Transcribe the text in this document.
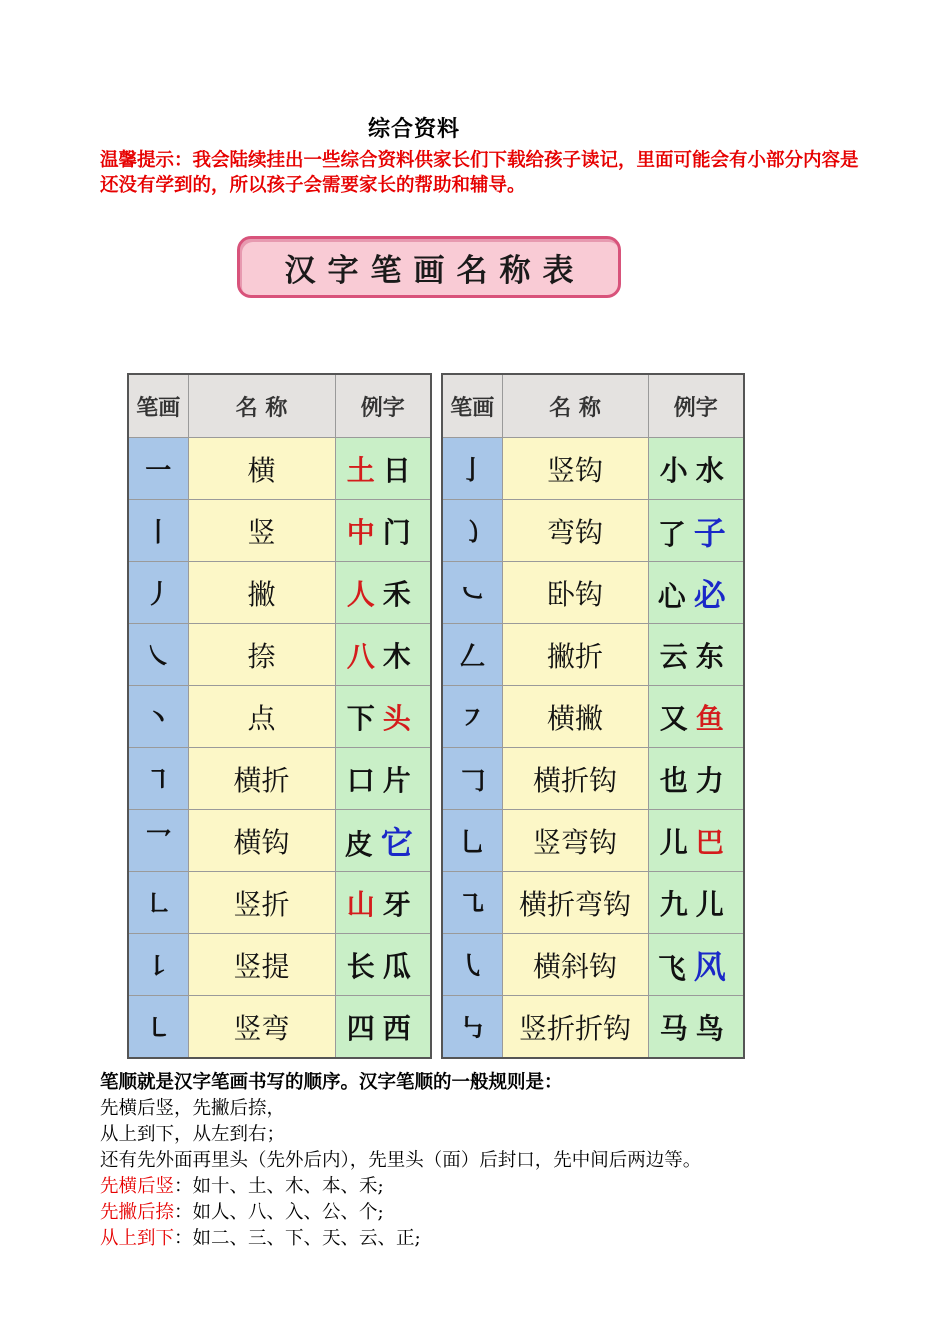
综合资料
温馨提示：我会陆续挂出一些综合资料供家长们下载给孩子读记，里面可能会有小部分内容是还没有学到的，所以孩子会需要家长的帮助和辅导。
汉字笔画名称表
笔画	名 称	例字
一	横	土日
丨	竖	中门
丿	撇	人禾
㇏	捺	八木
丶	点	下头
㇕	横折	口片
乛	横钩	皮它
㇗	竖折	山牙
㇙	竖提	长瓜
㇄	竖弯	四西
笔画	名 称	例字
亅	竖钩	小水
㇁	弯钩	了子
㇃	卧钩	心必
𠃋	撇折	云东
㇇	横撇	又鱼
𠃌	横折钩	也力
乚	竖弯钩	儿巴
㇈	横折弯钩	九儿
㇂	横斜钩	飞风
㇉	竖折折钩	马鸟

笔顺就是汉字笔画书写的顺序。汉字笔顺的一般规则是：

先横后竖，先撇后捺，

从上到下，从左到右；

还有先外面再里头（先外后内），先里头（面）后封口，先中间后两边等。

先横后竖：如十、土、木、本、禾;

先撇后捺：如人、八、入、公、个;

从上到下：如二、三、下、天、云、正;
